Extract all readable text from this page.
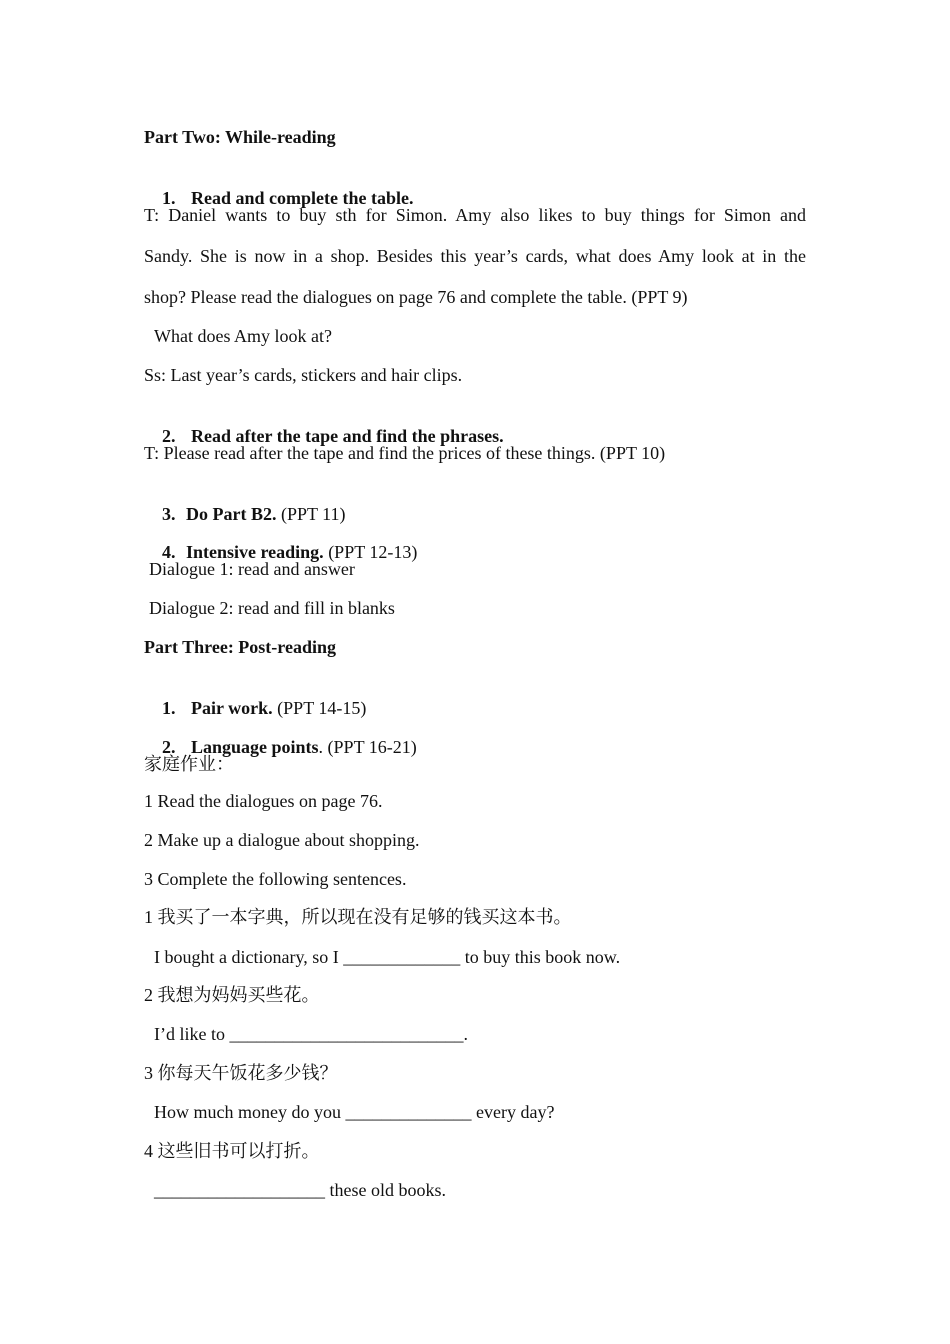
Part Two: While-reading

1. Read and complete the table.

T: Daniel wants to buy sth for Simon. Amy also likes to buy things for Simon and
Sandy. She is now in a shop. Besides this year’s cards, what does Amy look at in the
shop? Please read the dialogues on page 76 and complete the table. (PPT 9)
What does Amy look at?
Ss: Last year’s cards, stickers and hair clips.

2. Read after the tape and find the phrases.

T: Please read after the tape and find the prices of these things. (PPT 10)

3. Do Part B2. (PPT 11)

4. Intensive reading. (PPT 12-13)

Dialogue 1: read and answer
Dialogue 2: read and fill in blanks
Part Three: Post-reading

1. Pair work. (PPT 14-15)

2. Language points. (PPT 16-21)

家庭作业：
1 Read the dialogues on page 76.
2 Make up a dialogue about shopping.
3 Complete the following sentences.
1 我买了一本字典，所以现在没有足够的钱买这本书。
I bought a dictionary, so I _____________ to buy this book now.
2 我想为妈妈买些花。
I’d like to __________________________.
3 你每天午饭花多少钱？
How much money do you ______________ every day?
4 这些旧书可以打折。
___________________ these old books.
